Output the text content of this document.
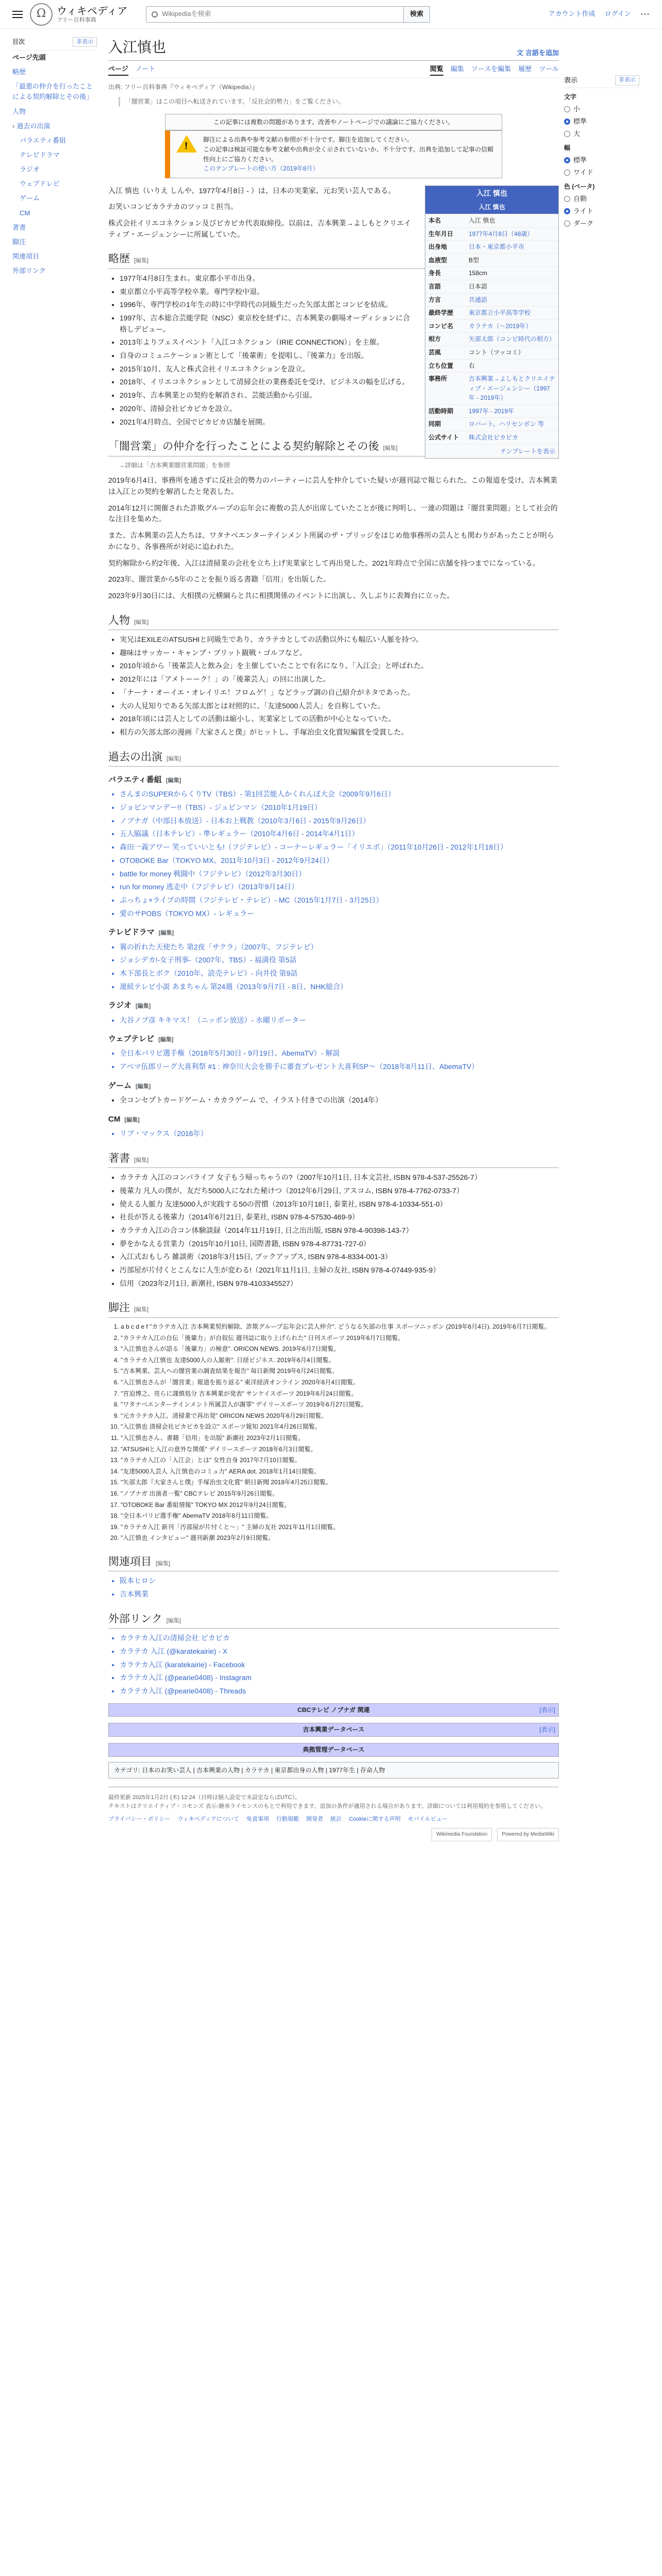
Ω	ウィキペディア
フリー百科事典
Wikipediaを検索	検索	アカウント作成 ログイン ⋯
目次	非表示
ページ先頭
略歴
「最悪の仲介を行ったことによる契約解除とその後」
人物
› 過去の出演
パラエティ番組
テレビドラマ
ラジオ
ウェブドレビ
ゲーム
CM
著書
脚注
関連項目
外部リンク
入江慎也	文 言語を追加
ページ ノート	閲覧 編集 ソースを編集 履歴 ツール
出典: フリー百科事典『ウィキペディア（Wikipedia）』
「闇営業」はこの項目へ転送されています。「反社会的勢力」をご覧ください。
この記事には複数の問題があります。改善やノートページでの議論にご協力ください。
!
脚注による出典や参考文献の参照が不十分です。脚注を追加してください。
この記事は検証可能な参考文献や出典が全く示されていないか、不十分です。出典を追加して記事の信頼性向上にご協力ください。
このテンプレートの使い方（2019年8月）
入江 慎也
入江 慎也
本名	入江 慎也
生年月日	1977年4月8日（48歳）
出身地	日本・東京都小平市
血液型	B型
身長	158cm
言語	日本語
方言	共通語
最終学歴	東京都立小平高等学校
コンビ名	カラテカ（〜2019年）
相方	矢部太郎（コンビ時代の相方）
芸風	コント（ツッコミ）
立ち位置	右
事務所	吉本興業→よしもとクリエイティブ・エージェンシー（1997年 - 2019年）
活動時期	1997年 - 2019年
同期	ロバート、ハリセンボン 等
公式サイト	株式会社ピカピカ
テンプレートを表示

入江 慎也（いりえ しんや、1977年4月8日 - ）は、日本の実業家、元お笑い芸人である。

お笑いコンビカラテカのツッコミ担当。

株式会社イリエコネクション及びピカピカ代表取締役。以前は、吉本興業→よしもとクリエイティブ・エージェンシーに所属していた。

略歴 [編集]
• 1977年4月8日生まれ。東京都小平市出身。
• 東京都立小平高等学校卒業。専門学校中退。
• 1996年、専門学校の1年生の時に中学時代の同級生だった矢部太郎とコンビを結成。
• 1997年、吉本総合芸能学院（NSC）東京校を経ずに、吉本興業の劇場オーディションに合格しデビュー。
• 2013年よりフェスイベント「入江コネクション（IRIE CONNECTION）」を主催。
• 自身のコミュニケーション術として「後輩術」を提唱し、『後輩力』を出版。
• 2015年10月、友人と株式会社イリエコネクションを設立。
• 2018年、イリエコネクションとして清掃会社の業務委託を受け、ビジネスの幅を広げる。
• 2019年、吉本興業との契約を解消され、芸能活動から引退。
• 2020年、清掃会社ピカピカを設立。
• 2021年4月時点、全国でピカピカ店舗を展開。
「闇営業」の仲介を行ったことによる契約解除とその後 [編集]

→詳細は「吉本興業闇営業問題」を参照

2019年6月4日、事務所を通さずに反社会的勢力のパーティーに芸人を仲介していた疑いが週刊誌で報じられた。この報道を受け、吉本興業は入江との契約を解消したと発表した。

2014年12月に開催された詐欺グループの忘年会に複数の芸人が出席していたことが後に判明し、一連の問題は「闇営業問題」として社会的な注目を集めた。

また、吉本興業の芸人たちは、ワタナベエンターテインメント所属のザ・ブリッジをはじめ他事務所の芸人とも関わりがあったことが明らかになり、各事務所が対応に追われた。

契約解除から約2年後、入江は清掃業の会社を立ち上げ実業家として再出発した。2021年時点で全国に店舗を持つまでになっている。

2023年、闇営業から5年のことを振り返る書籍「信用」を出版した。

2023年9月30日には、大相撲の元横綱らと共に相撲関係のイベントに出演し、久しぶりに表舞台に立った。

人物 [編集]
• 実兄はEXILEのATSUSHIと同級生であり、カラテカとしての活動以外にも幅広い人脈を持つ。
• 趣味はサッカー・キャンプ・ブリット観戦・ゴルフなど。
• 2010年頃から「後輩芸人と飲み会」を主催していたことで有名になり、「入江会」と呼ばれた。
• 2012年には「アメトーーク！」の「後輩芸人」の回に出演した。
• 「ナーナ・オーイエ・オレイリエ！フロムゲ！」などラップ調の自己紹介がネタであった。
• 大の人見知りである矢部太郎とは対照的に、「友達5000人芸人」を自称していた。
• 2018年頃には芸人としての活動は縮小し、実業家としての活動が中心となっていた。
• 相方の矢部太郎の漫画『大家さんと僕』がヒットし、手塚治虫文化賞短編賞を受賞した。
過去の出演 [編集]
バラエティ番組 [編集]
• さんまのSUPERからくりTV（TBS）- 第1回芸能人かくれんぼ大会（2009年9月6日）
• ジョビンマンデー!!（TBS）- ジュビンマン（2010年1月19日）
• ノブナガ（中部日本放送）- 日本お上戦教（2010年3月6日 - 2015年9月26日）
• 五人脇議（日本テレビ）- 準レギュラー（2010年4月6日 - 2014年4月1日）
• 森田一義アワー 笑っていいとも!（フジテレビ）- コーナーレギュラー「イリエボ」（2011年10月26日 - 2012年1月18日）
• OTOBOKE Bar（TOKYO MX、2011年10月3日 - 2012年9月24日）
• battle for money 戦闘中（フジテレビ）（2012年3月30日）
• run for money 逃走中（フジテレビ）（2013年9月14日）
• ぷっちょ×ライブの時間（フジテレビ・テレビ）- MC（2015年1月7日 - 3月25日）
• 愛のサPOBS（TOKYO MX）- レギュラー
テレビドラマ [編集]
• 翼の折れた天使たち 第2夜「サクラ」（2007年、フジテレビ）
• ジョシデカ!-女子刑事-（2007年、TBS）- 福満役 第5話
• 木下部長とボク（2010年、読売テレビ）- 向井役 第9話
• 連続テレビ小説 あまちゃん 第24週（2013年9月7日 - 8日、NHK総合）
ラジオ [編集]
• 大谷ノブ彦 キキマス！（ニッポン放送）- 水曜リポーター
ウェブテレビ [編集]
• 全日本パリピ選手権（2018年5月30日 - 9月19日、AbemaTV）- 解説
• アベマ伍郎リーグ大喜利祭 #1 : 神奈川大会を勝手に審査プレゼント大喜利SP〜（2018年8月11日、AbemaTV）
ゲーム [編集]
• 全コンセプトカードゲーム・カカラゲーム で、イラスト付きでの出演（2014年）
CM [編集]
• リブ・マックス（2016年）
著書 [編集]
• カラテカ 入江のコンパライフ 女子もう帰っちゃうの?（2007年10月1日, 日本文芸社, ISBN 978-4-537-25526-7）
• 後輩力 凡人の僕が、友だち5000人になれた秘けつ（2012年6月29日, アスコム, ISBN 978-4-7762-0733-7）
• 使える人脈力 友達5000人が実践する50の習慣（2013年10月18日, 泰業社, ISBN 978-4-10334-551-0）
• 社長が答える後輩力（2014年6月21日, 泰業社, ISBN 978-4-57530-469-9）
• カラテカ入江の合コン体験談録（2014年11月19日, 日之出出版, ISBN 978-4-90398-143-7）
• 夢をかなえる営業力（2015年10月10日, 国際書籍, ISBN 978-4-87731-727-0）
• 入江式おもしろ 雑談術（2018年3月15日, ブックアップス, ISBN 978-4-8334-001-3）
• 汚部屋が片付くとこんなに人生が変わる!（2021年11月1日, 主婦の友社, ISBN 978-4-07449-935-9）
• 信用（2023年2月1日, 新潮社, ISBN 978-4103345527）
脚注 [編集]
1. a b c d e f "カラテカ入江 吉本興業契約解除、詐欺グループ忘年会に芸人仲介". どうなる矢部の仕事 スポーツニッポン (2019年6月4日). 2019年6月7日閲覧。
2. "カラテカ入江の自伝「後輩力」が自叙伝 週刊誌に取り上げられた" 日刊スポーツ 2019年6月7日閲覧。
3. "入江慎也さんが語る「後輩力」の極意". ORICON NEWS. 2019年6月7日閲覧。
4. "カラテカ入江慎也 友達5000人の人脈術". 日経ビジネス. 2019年6月4日閲覧。
5. "吉本興業、芸人への闇営業の調査結果を報告" 毎日新聞 2019年6月24日閲覧。
6. "入江慎也さんが「闇営業」報道を振り返る" 東洋経済オンライン 2020年6月4日閲覧。
7. "宮迫博之、亮らに謹慎処分 吉本興業が発表" サンケイスポーツ 2019年6月24日閲覧。
8. "ワタナベエンターテインメント所属芸人が謝罪" デイリースポーツ 2019年6月27日閲覧。
9. "元カラテカ入江、清掃業で再出発" ORICON NEWS 2020年6月29日閲覧。
10. "入江慎也 清掃会社ピカピカを設立" スポーツ報知 2021年4月26日閲覧。
11. "入江慎也さん、書籍「信用」を出版" 新潮社 2023年2月1日閲覧。
12. "ATSUSHIと入江の意外な関係" デイリースポーツ 2018年6月3日閲覧。
13. "カラテカ入江の「入江会」とは" 女性自身 2017年7月10日閲覧。
14. "友達5000人芸人 入江慎也のコミュ力" AERA dot. 2018年1月14日閲覧。
15. "矢部太郎『大家さんと僕』手塚治虫文化賞" 朝日新聞 2018年4月25日閲覧。
16. "ノブナガ 出演者一覧" CBCテレビ 2015年9月26日閲覧。
17. "OTOBOKE Bar 番組情報" TOKYO MX 2012年9月24日閲覧。
18. "全日本パリピ選手権" AbemaTV 2018年8月11日閲覧。
19. "カラテカ入江 新刊「汚部屋が片付くと〜」" 主婦の友社 2021年11月1日閲覧。
20. "入江慎也 インタビュー" 週刊新潮 2023年2月9日閲覧。
関連項目 [編集]
• 阪本ヒロシ
• 吉本興業
外部リンク [編集]
• カラテカ入江の清掃会社 ピカピカ
• カラテカ 入江 (@karatekairie) - X
• カラテカ入江 (karatekairie) - Facebook
• カラテカ入江 (@pearie0408) - Instagram
• カラテカ入江 (@pearie0408) - Threads
CBCテレビ ノブナガ 関連	[表示]
吉本興業データベース	[表示]
典拠管理データベース
カテゴリ: 日本のお笑い芸人 | 吉本興業の人物 | カラテカ | 東京都出身の人物 | 1977年生 | 存命人物
最終更新 2025年1月2日 (木) 12:24（日時は個人設定で未設定ならばUTC）。
テキストはクリエイティブ・コモンズ 表示-継承ライセンスのもとで利用できます。追加の条件が適用される場合があります。詳細については利用規約を参照してください。
プライバシー・ポリシー ウィキペディアについて 免責事項 行動規範 開発者 統計 Cookieに関する声明 モバイルビュー
Wikimedia Foundation	Powered by MediaWiki
表示	非表示
文字
小
標準
大
幅
標準
ワイド
色 (ベータ)
自動
ライト
ダーク
